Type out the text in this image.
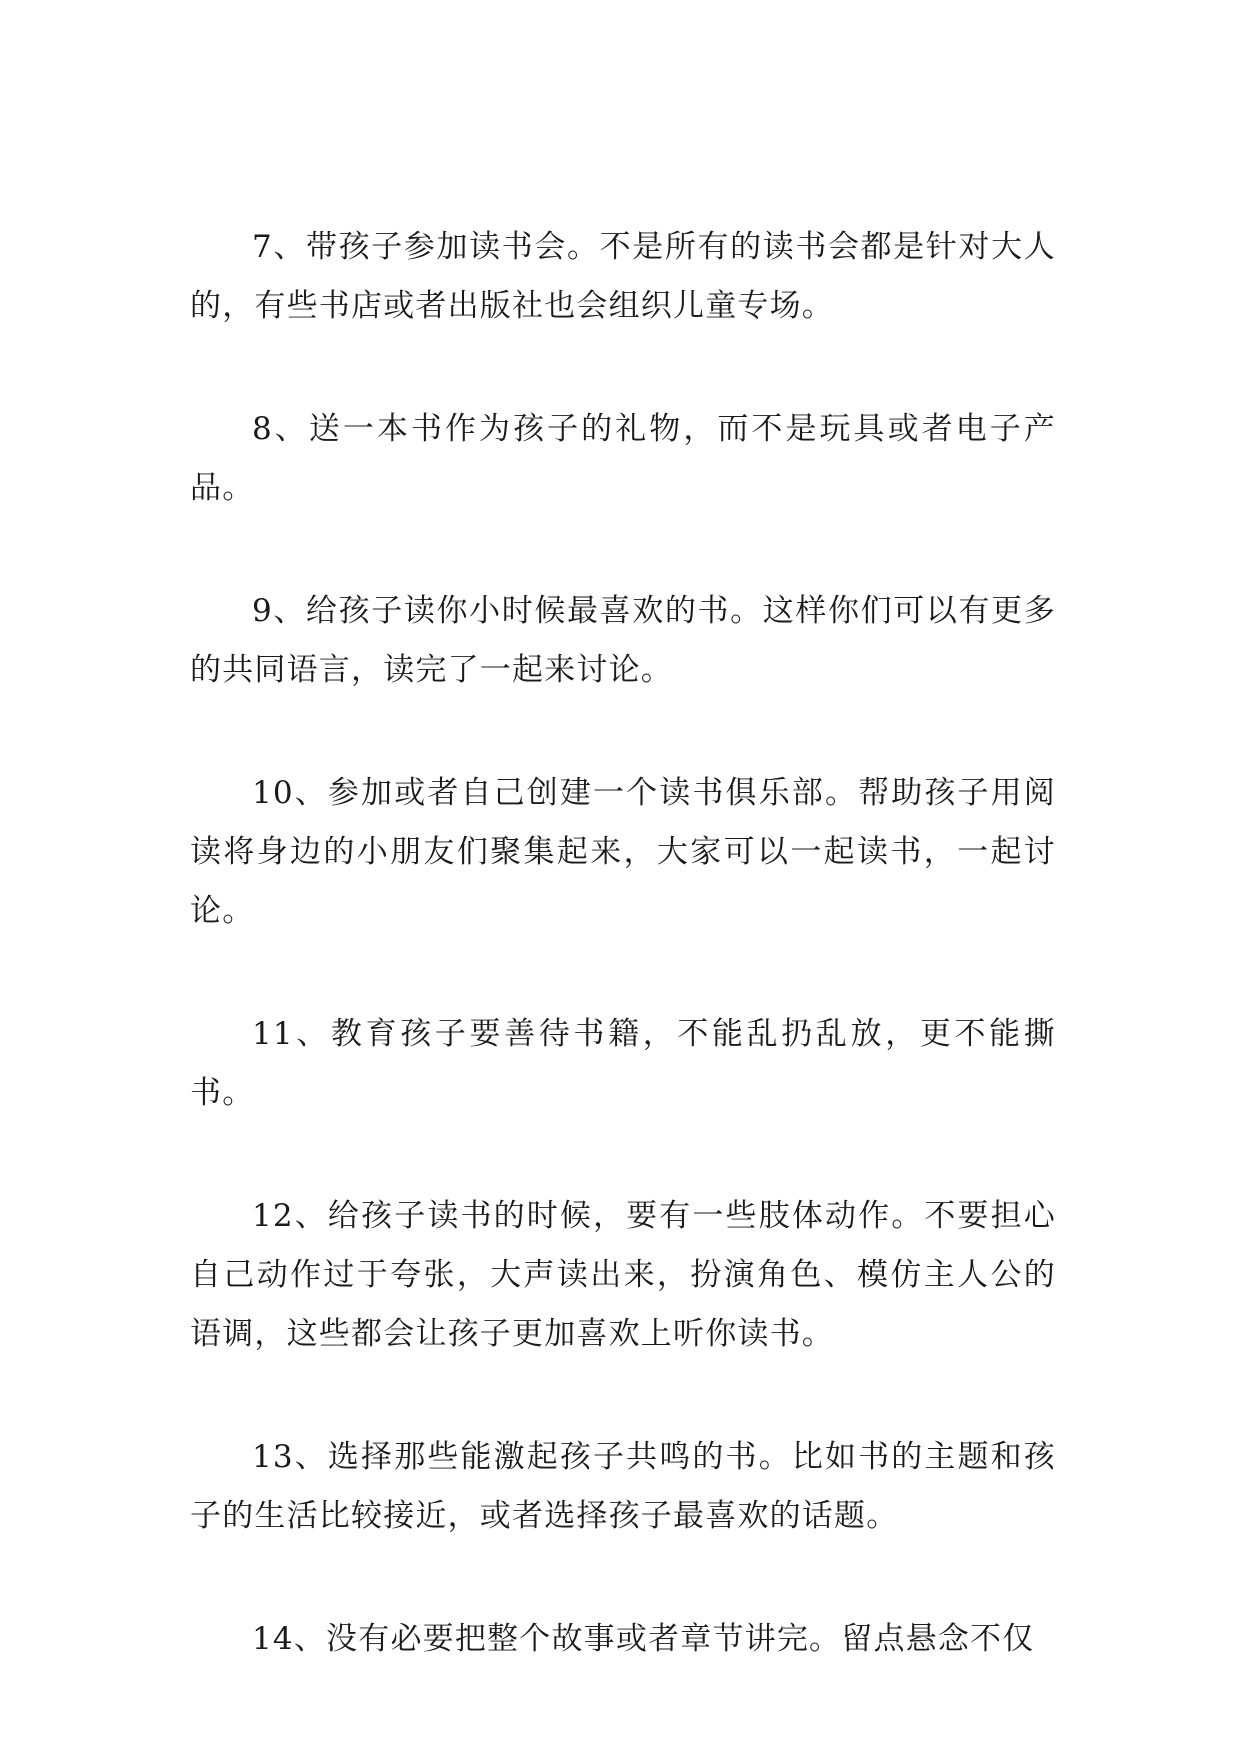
7、带孩子参加读书会。不是所有的读书会都是针对大人的，有些书店或者出版社也会组织儿童专场。

8、送一本书作为孩子的礼物，而不是玩具或者电子产品。

9、给孩子读你小时候最喜欢的书。这样你们可以有更多的共同语言，读完了一起来讨论。

10、参加或者自己创建一个读书俱乐部。帮助孩子用阅读将身边的小朋友们聚集起来，大家可以一起读书，一起讨论。

11、教育孩子要善待书籍，不能乱扔乱放，更不能撕书。

12、给孩子读书的时候，要有一些肢体动作。不要担心自己动作过于夸张，大声读出来，扮演角色、模仿主人公的语调，这些都会让孩子更加喜欢上听你读书。

13、选择那些能激起孩子共鸣的书。比如书的主题和孩子的生活比较接近，或者选择孩子最喜欢的话题。

14、没有必要把整个故事或者章节讲完。留点悬念不仅
